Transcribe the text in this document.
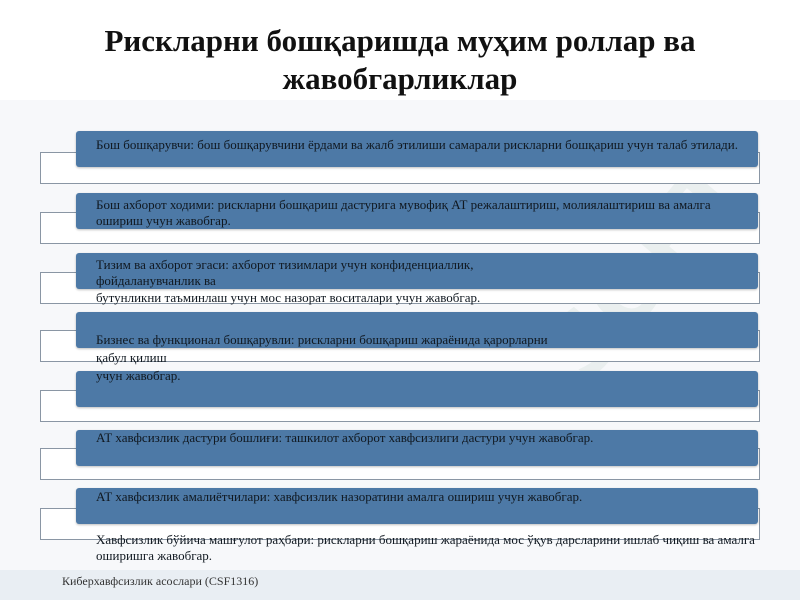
Рискларни бошқаришда муҳим роллар ва жавобгарликлар
Бош бошқарувчи: бош бошқарувчини ёрдами ва жалб этилиши самарали рискларни бошқариш учун талаб этилади.
Бош ахборот ходими: рискларни бошқариш дастурига мувофиқ АТ режалаштириш, молиялаштириш ва амалга ошириш учун жавобгар.
Тизим ва ахборот эгаси: ахборот тизимлари учун конфиденциаллик,
фойдаланувчанлик ва
бутунликни таъминлаш учун мос назорат воситалари учун жавобгар.
Бизнес ва функционал бошқарувли: рискларни бошқариш жараёнида қарорларни
қабул қилиш
учун жавобгар.
АТ хавфсизлик дастури бошлиғи: ташкилот ахборот хавфсизлиги дастури учун жавобгар.
АТ хавфсизлик амалиётчилари: хавфсизлик назоратини амалга ошириш учун жавобгар.
Хавфсизлик бўйича машғулот раҳбари: рискларни бошқариш жараёнида мос ўқув дарсларини ишлаб чиқиш ва амалга оширишга жавобгар.
Киберхавфсизлик асослари (CSF1316)
